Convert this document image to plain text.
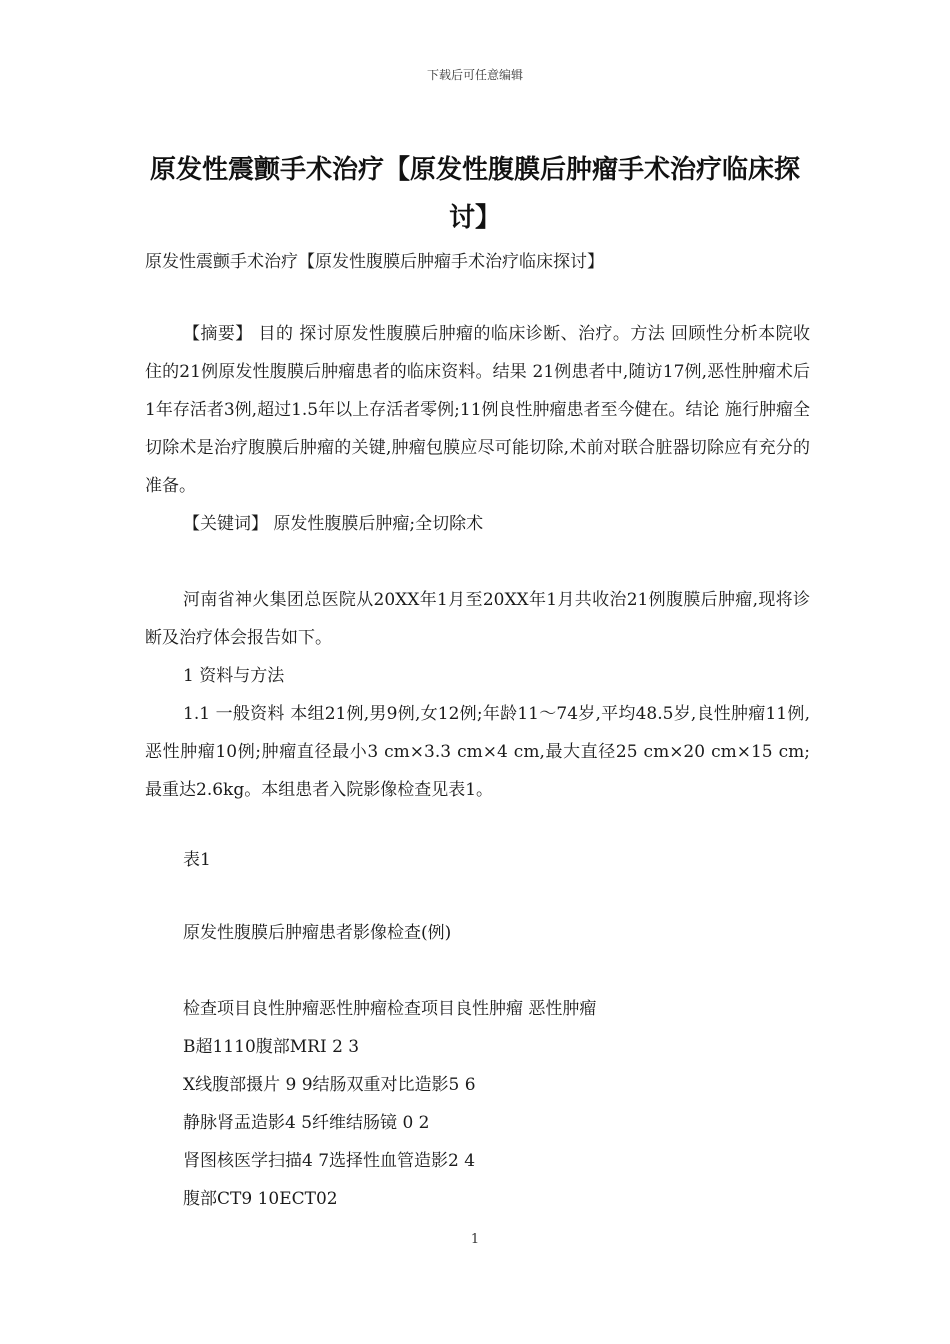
下载后可任意编辑
原发性震颤手术治疗【原发性腹膜后肿瘤手术治疗临床探讨】
原发性震颤手术治疗【原发性腹膜后肿瘤手术治疗临床探讨】

【摘要】 目的 探讨原发性腹膜后肿瘤的临床诊断、治疗。方法 回顾性分析本院收住的21例原发性腹膜后肿瘤患者的临床资料。结果 21例患者中,随访17例,恶性肿瘤术后1年存活者3例,超过1.5年以上存活者零例;11例良性肿瘤患者至今健在。结论 施行肿瘤全切除术是治疗腹膜后肿瘤的关键,肿瘤包膜应尽可能切除,术前对联合脏器切除应有充分的准备。

【关键词】 原发性腹膜后肿瘤;全切除术

河南省神火集团总医院从20XX年1月至20XX年1月共收治21例腹膜后肿瘤,现将诊断及治疗体会报告如下。

1 资料与方法

1.1 一般资料 本组21例,男9例,女12例;年龄11～74岁,平均48.5岁,良性肿瘤11例,恶性肿瘤10例;肿瘤直径最小3 cm×3.3 cm×4 cm,最大直径25 cm×20 cm×15 cm;最重达2.6kg。本组患者入院影像检查见表1。

表1
原发性腹膜后肿瘤患者影像检查(例)
检查项目良性肿瘤恶性肿瘤检查项目良性肿瘤 恶性肿瘤
B超1110腹部MRI 2 3
X线腹部摄片 9 9结肠双重对比造影5 6
静脉肾盂造影4 5纤维结肠镜 0 2
肾图核医学扫描4 7选择性血管造影2 4
腹部CT9 10ECT02
1
